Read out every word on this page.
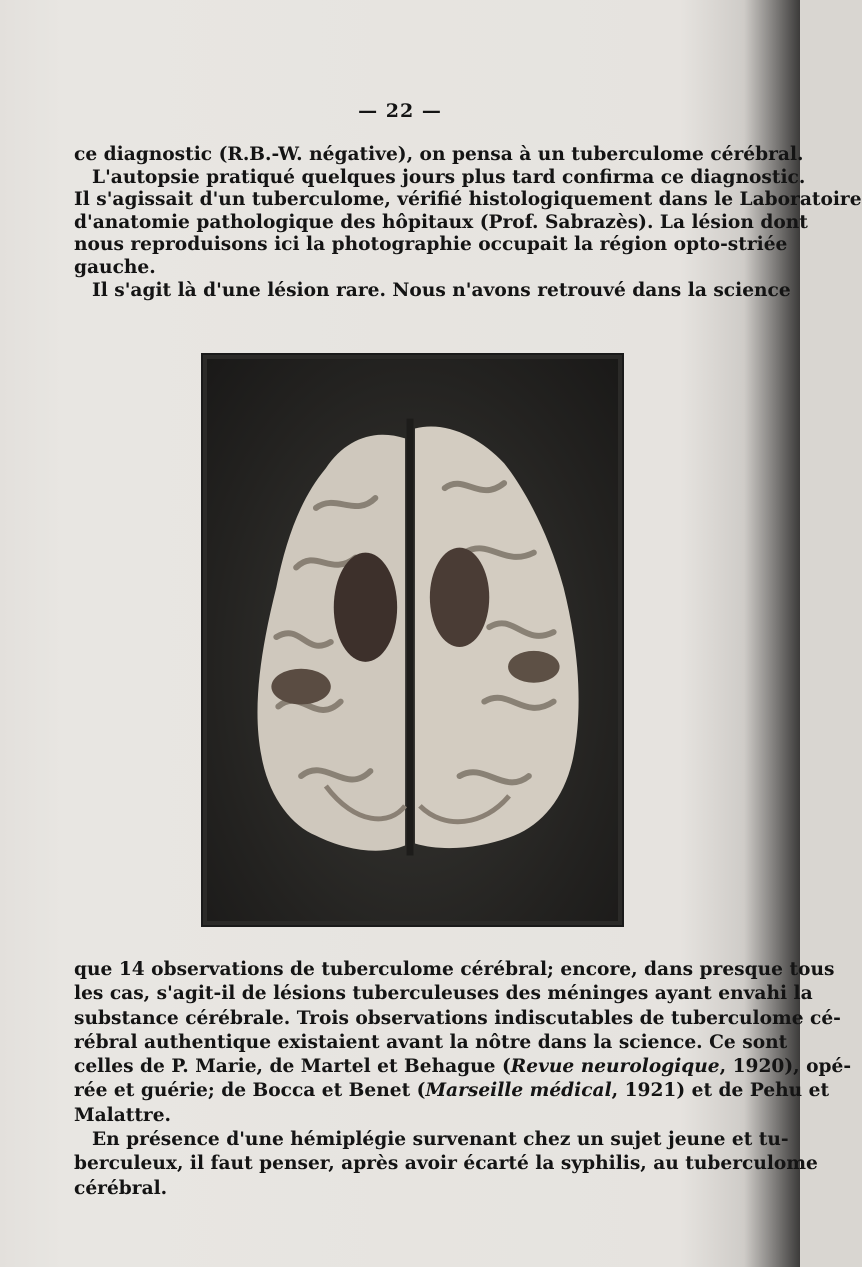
— 22 —
ce diagnostic (R.B.-W. négative), on pensa à un tuberculome cérébral.
L'autopsie pratiqué quelques jours plus tard confirma ce diagnostic.
Il s'agissait d'un tuberculome, vérifié histologiquement dans le Laboratoire
d'anatomie pathologique des hôpitaux (Prof. Sabrazès). La lésion dont
nous reproduisons ici la photographie occupait la région opto-striée
gauche.
Il s'agit là d'une lésion rare. Nous n'avons retrouvé dans la science
que 14 observations de tuberculome cérébral; encore, dans presque tous
les cas, s'agit-il de lésions tuberculeuses des méninges ayant envahi la
substance cérébrale. Trois observations indiscutables de tuberculome cé-
rébral authentique existaient avant la nôtre dans la science. Ce sont
celles de P. Marie, de Martel et Behague (Revue neurologique, 1920), opé-
rée et guérie; de Bocca et Benet (Marseille médical, 1921) et de Pehu et
Malattre.
En présence d'une hémiplégie survenant chez un sujet jeune et tu-
berculeux, il faut penser, après avoir écarté la syphilis, au tuberculome
cérébral.
